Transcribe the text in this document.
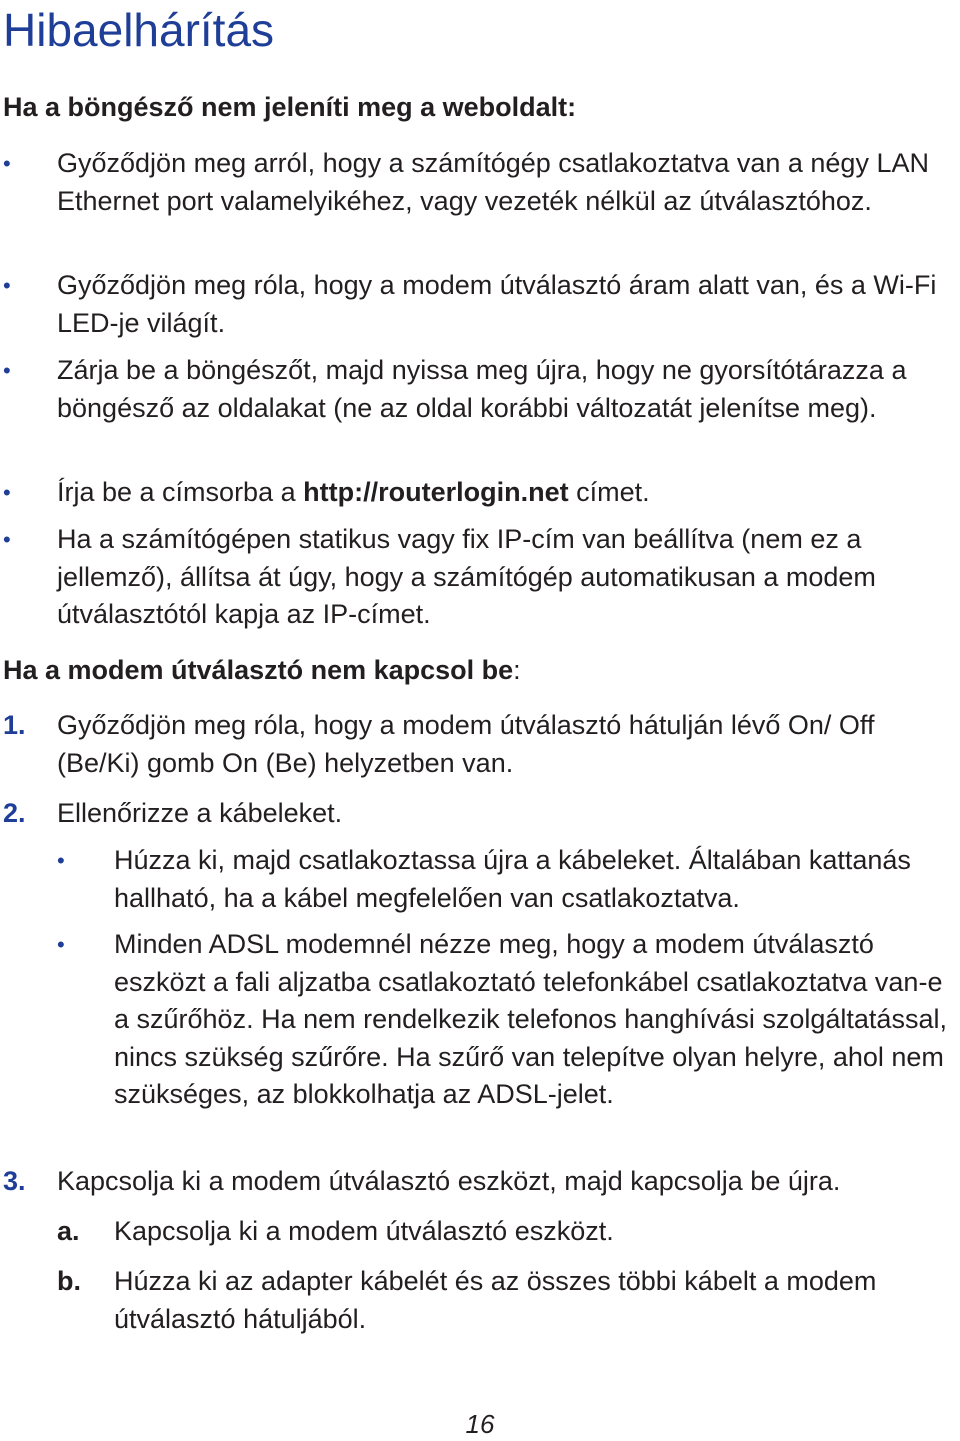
Hibaelhárítás
Ha a böngésző nem jeleníti meg a weboldalt:
• Győződjön meg arról, hogy a számítógép csatlakoztatva van a négy LAN Ethernet port valamelyikéhez, vagy vezeték nélkül az útválasztóhoz.
• Győződjön meg róla, hogy a modem útválasztó áram alatt van, és a Wi-Fi LED-je világít.
• Zárja be a böngészőt, majd nyissa meg újra, hogy ne gyorsítótárazza a böngésző az oldalakat (ne az oldal korábbi változatát jelenítse meg).
• Írja be a címsorba a http://routerlogin.net címet.
• Ha a számítógépen statikus vagy fix IP-cím van beállítva (nem ez a jellemző), állítsa át úgy, hogy a számítógép automatikusan a modem útválasztótól kapja az IP-címet.
Ha a modem útválasztó nem kapcsol be:
1. Győződjön meg róla, hogy a modem útválasztó hátulján lévő On/ Off (Be/Ki) gomb On (Be) helyzetben van.
2. Ellenőrizze a kábeleket.
• Húzza ki, majd csatlakoztassa újra a kábeleket. Általában kattanás hallható, ha a kábel megfelelően van csatlakoztatva.
• Minden ADSL modemnél nézze meg, hogy a modem útválasztó eszközt a fali aljzatba csatlakoztató telefonkábel csatlakoztatva van-e a szűrőhöz. Ha nem rendelkezik telefonos hanghívási szolgáltatással, nincs szükség szűrőre. Ha szűrő van telepítve olyan helyre, ahol nem szükséges, az blokkolhatja az ADSL-jelet.
3. Kapcsolja ki a modem útválasztó eszközt, majd kapcsolja be újra.
a. Kapcsolja ki a modem útválasztó eszközt.
b. Húzza ki az adapter kábelét és az összes többi kábelt a modem útválasztó hátuljából.
16
